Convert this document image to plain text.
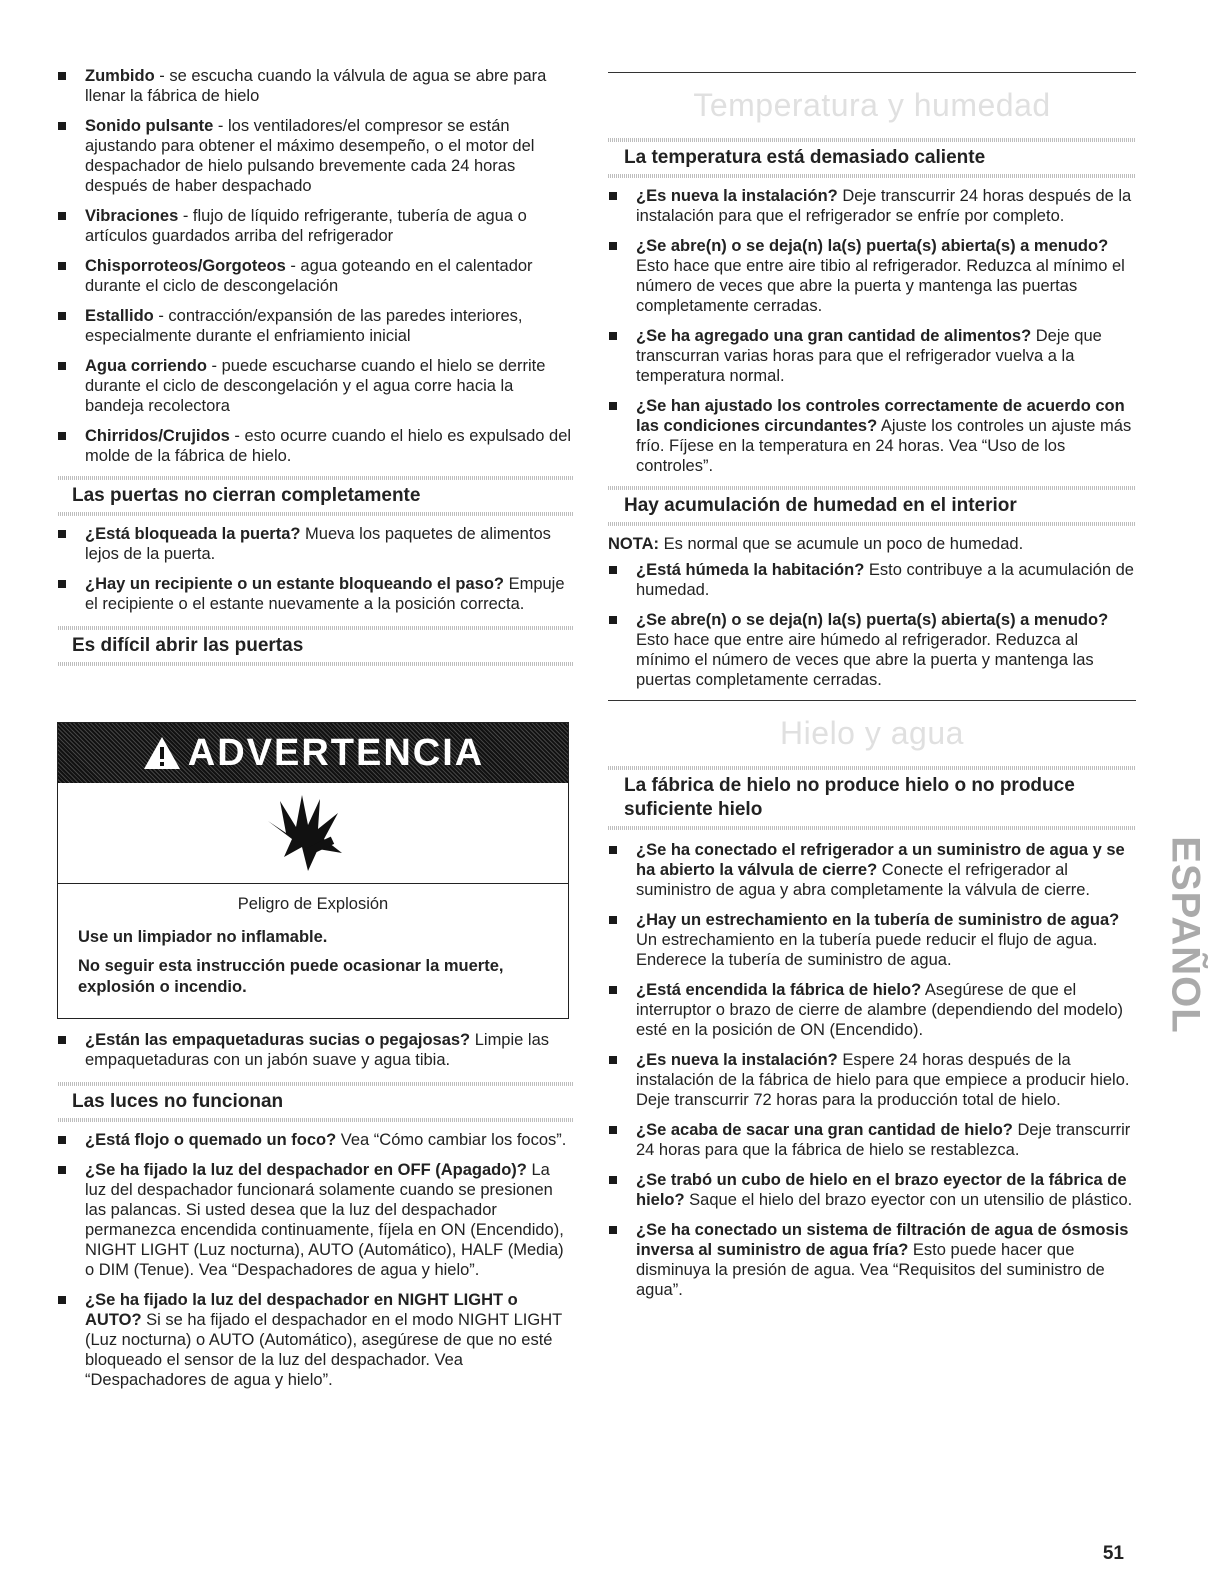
Zumbido - se escucha cuando la válvula de agua se abre para llenar la fábrica de hielo
Sonido pulsante - los ventiladores/el compresor se están ajustando para obtener el máximo desempeño, o el motor del despachador de hielo pulsando brevemente cada 24 horas después de haber despachado
Vibraciones - flujo de líquido refrigerante, tubería de agua o artículos guardados arriba del refrigerador
Chisporroteos/Gorgoteos - agua goteando en el calentador durante el ciclo de descongelación
Estallido - contracción/expansión de las paredes interiores, especialmente durante el enfriamiento inicial
Agua corriendo - puede escucharse cuando el hielo se derrite durante el ciclo de descongelación y el agua corre hacia la bandeja recolectora
Chirridos/Crujidos - esto ocurre cuando el hielo es expulsado del molde de la fábrica de hielo.
Las puertas no cierran completamente
¿Está bloqueada la puerta? Mueva los paquetes de alimentos lejos de la puerta.
¿Hay un recipiente o un estante bloqueando el paso? Empuje el recipiente o el estante nuevamente a la posición correcta.
Es difícil abrir las puertas
ADVERTENCIA
Peligro de Explosión
Use un limpiador no inflamable.
No seguir esta instrucción puede ocasionar la muerte, explosión o incendio.
¿Están las empaquetaduras sucias o pegajosas? Limpie las empaquetaduras con un jabón suave y agua tibia.
Las luces no funcionan
¿Está flojo o quemado un foco? Vea “Cómo cambiar los focos”.
¿Se ha fijado la luz del despachador en OFF (Apagado)? La luz del despachador funcionará solamente cuando se presionen las palancas. Si usted desea que la luz del despachador permanezca encendida continuamente, fíjela en ON (Encendido), NIGHT LIGHT (Luz nocturna), AUTO (Automático), HALF (Media) o DIM (Tenue). Vea “Despachadores de agua y hielo”.
¿Se ha fijado la luz del despachador en NIGHT LIGHT o AUTO? Si se ha fijado el despachador en el modo NIGHT LIGHT (Luz nocturna) o AUTO (Automático), asegúrese de que no esté bloqueado el sensor de la luz del despachador. Vea “Despachadores de agua y hielo”.
Temperatura y humedad
La temperatura está demasiado caliente
¿Es nueva la instalación? Deje transcurrir 24 horas después de la instalación para que el refrigerador se enfríe por completo.
¿Se abre(n) o se deja(n) la(s) puerta(s) abierta(s) a menudo? Esto hace que entre aire tibio al refrigerador. Reduzca al mínimo el número de veces que abre la puerta y mantenga las puertas completamente cerradas.
¿Se ha agregado una gran cantidad de alimentos? Deje que transcurran varias horas para que el refrigerador vuelva a la temperatura normal.
¿Se han ajustado los controles correctamente de acuerdo con las condiciones circundantes? Ajuste los controles un ajuste más frío. Fíjese en la temperatura en 24 horas. Vea “Uso de los controles”.
Hay acumulación de humedad en el interior
NOTA: Es normal que se acumule un poco de humedad.
¿Está húmeda la habitación? Esto contribuye a la acumulación de humedad.
¿Se abre(n) o se deja(n) la(s) puerta(s) abierta(s) a menudo? Esto hace que entre aire húmedo al refrigerador. Reduzca al mínimo el número de veces que abre la puerta y mantenga las puertas completamente cerradas.
Hielo y agua
La fábrica de hielo no produce hielo o no produce suficiente hielo
¿Se ha conectado el refrigerador a un suministro de agua y se ha abierto la válvula de cierre? Conecte el refrigerador al suministro de agua y abra completamente la válvula de cierre.
¿Hay un estrechamiento en la tubería de suministro de agua? Un estrechamiento en la tubería puede reducir el flujo de agua. Enderece la tubería de suministro de agua.
¿Está encendida la fábrica de hielo? Asegúrese de que el interruptor o brazo de cierre de alambre (dependiendo del modelo) esté en la posición de ON (Encendido).
¿Es nueva la instalación? Espere 24 horas después de la instalación de la fábrica de hielo para que empiece a producir hielo. Deje transcurrir 72 horas para la producción total de hielo.
¿Se acaba de sacar una gran cantidad de hielo? Deje transcurrir 24 horas para que la fábrica de hielo se restablezca.
¿Se trabó un cubo de hielo en el brazo eyector de la fábrica de hielo? Saque el hielo del brazo eyector con un utensilio de plástico.
¿Se ha conectado un sistema de filtración de agua de ósmosis inversa al suministro de agua fría? Esto puede hacer que disminuya la presión de agua. Vea “Requisitos del suministro de agua”.
ESPAÑOL
51
